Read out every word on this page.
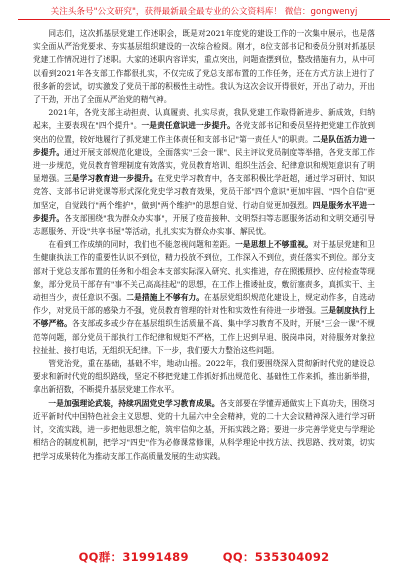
关注头条号"公文研究"，获得最新最全最专业的公文资料库！ 微信：gongwenyj

同志们，这次抓基层党建工作述职会，既是对2021年度党的建设工作的一次集中展示，也是落实全面从严治党要求、夯实基层组织建设的一次综合检阅。刚才，8位支部书记和委员分别对抓基层党建工作情况进行了述职。大家的述职内容详实，重点突出，问题查摆到位，整改措施有力，从中可以看到2021年各支部工作都很扎实，不仅完成了党总支部布置的工作任务，还在方式方法上进行了很多新的尝试，切实激发了党员干部的积极性主动性。我认为这次会议开得很好，开出了动力，开出了干劲，开出了全面从严治党的精气神。

2021年，各党支部主动担责、认真履责、扎实尽责，我队党建工作取得新进步、新成效，归纳起来，主要表现在"四个提升"。一是责任意识进一步提升。各党支部书记和委员坚持把党建工作放到突出的位置，较好地履行了抓党建工作主体责任和支部书记"第一责任人"的职责。二是队伍活力进一步提升。通过开展支部规范化建设，全面落实"三会一课"、民主评议党员制度等举措，各党支部工作进一步规范，党员教育管理制度有效落实，党员教育培训、组织生活会、纪律意识和规矩意识有了明显增强。三是学习教育进一步提升。在党史学习教育中，各支部积极比学赶超，通过学习研讨、知识竞答、支部书记讲党课等形式深化党史学习教育效果，党员干部"四个意识"更加牢固、"四个自信"更加坚定，自觉践行"两个维护"，做到"两个维护"的思想自觉、行动自觉更加强烈。四是服务水平进一步提升。各支部围绕"我为群众办实事"，开展了疫苗接种、文明祭扫等志愿服务活动和文明交通引导志愿服务、开设"共享书屋"等活动，扎扎实实为群众办实事、解民忧。

在看到工作成绩的同时，我们也不能忽视问题和差距。一是思想上不够重视。对于基层党建和卫生健康执法工作的重要性认识不到位，精力投放不到位，工作深入不到位，责任落实不到位。部分支部对于党总支部布置的任务和小组会本支部实际深入研究、扎实推进，存在照搬照抄、应付检查等现象，部分党员干部存有"事不关己高高挂起"的思想，在工作上推诿扯皮，敷衍塞责多，真抓实干、主动担当少，责任意识不强。二是措施上不够有力。在基层党组织规范化建设上，规定动作多，自选动作少，对党员干部的感染力不强，党员教育管理的针对性和实效性有待进一步增强。三是制度执行上不够严格。各支部或多或少存在基层组织生活质量不高、集中学习教育不及时，开展"三会一课"不规范等问题，部分党员干部执行工作纪律和规矩不严格，工作上迟到早退、脱岗串岗，对待服务对象拉拉扯扯、接打电话，无组织无纪律。下一步，我们要大力整治这些问题。

管党治党，重在基础，基础不牢，地动山摇。2022年，我们要围绕深入贯彻新时代党的建设总要求和新时代党的组织路线，坚定不移把党建工作抓好抓出规范化、基础性工作来抓，推出新举措，拿出新招数，不断提升基层党建工作水平。

一是加强理论武装，持续巩固党史学习教育成果。各支部要在学懂弄通做实上下真功夫，围绕习近平新时代中国特色社会主义思想、党的十九届六中全会精神，党的二十大会议精神深入进行学习研讨，交流实践，进一步把他思想之舵，筑牢信仰之基，开拓实践之路；要进一步完善学党史与学理论相结合的制度机制，把学习"四史"作为必修课常修课，从科学理论中找方法、找思路、找对策，切实把学习成果转化为推动支部工作高质量发展的生动实践。

QQ群：31991489	QQ：535304092
